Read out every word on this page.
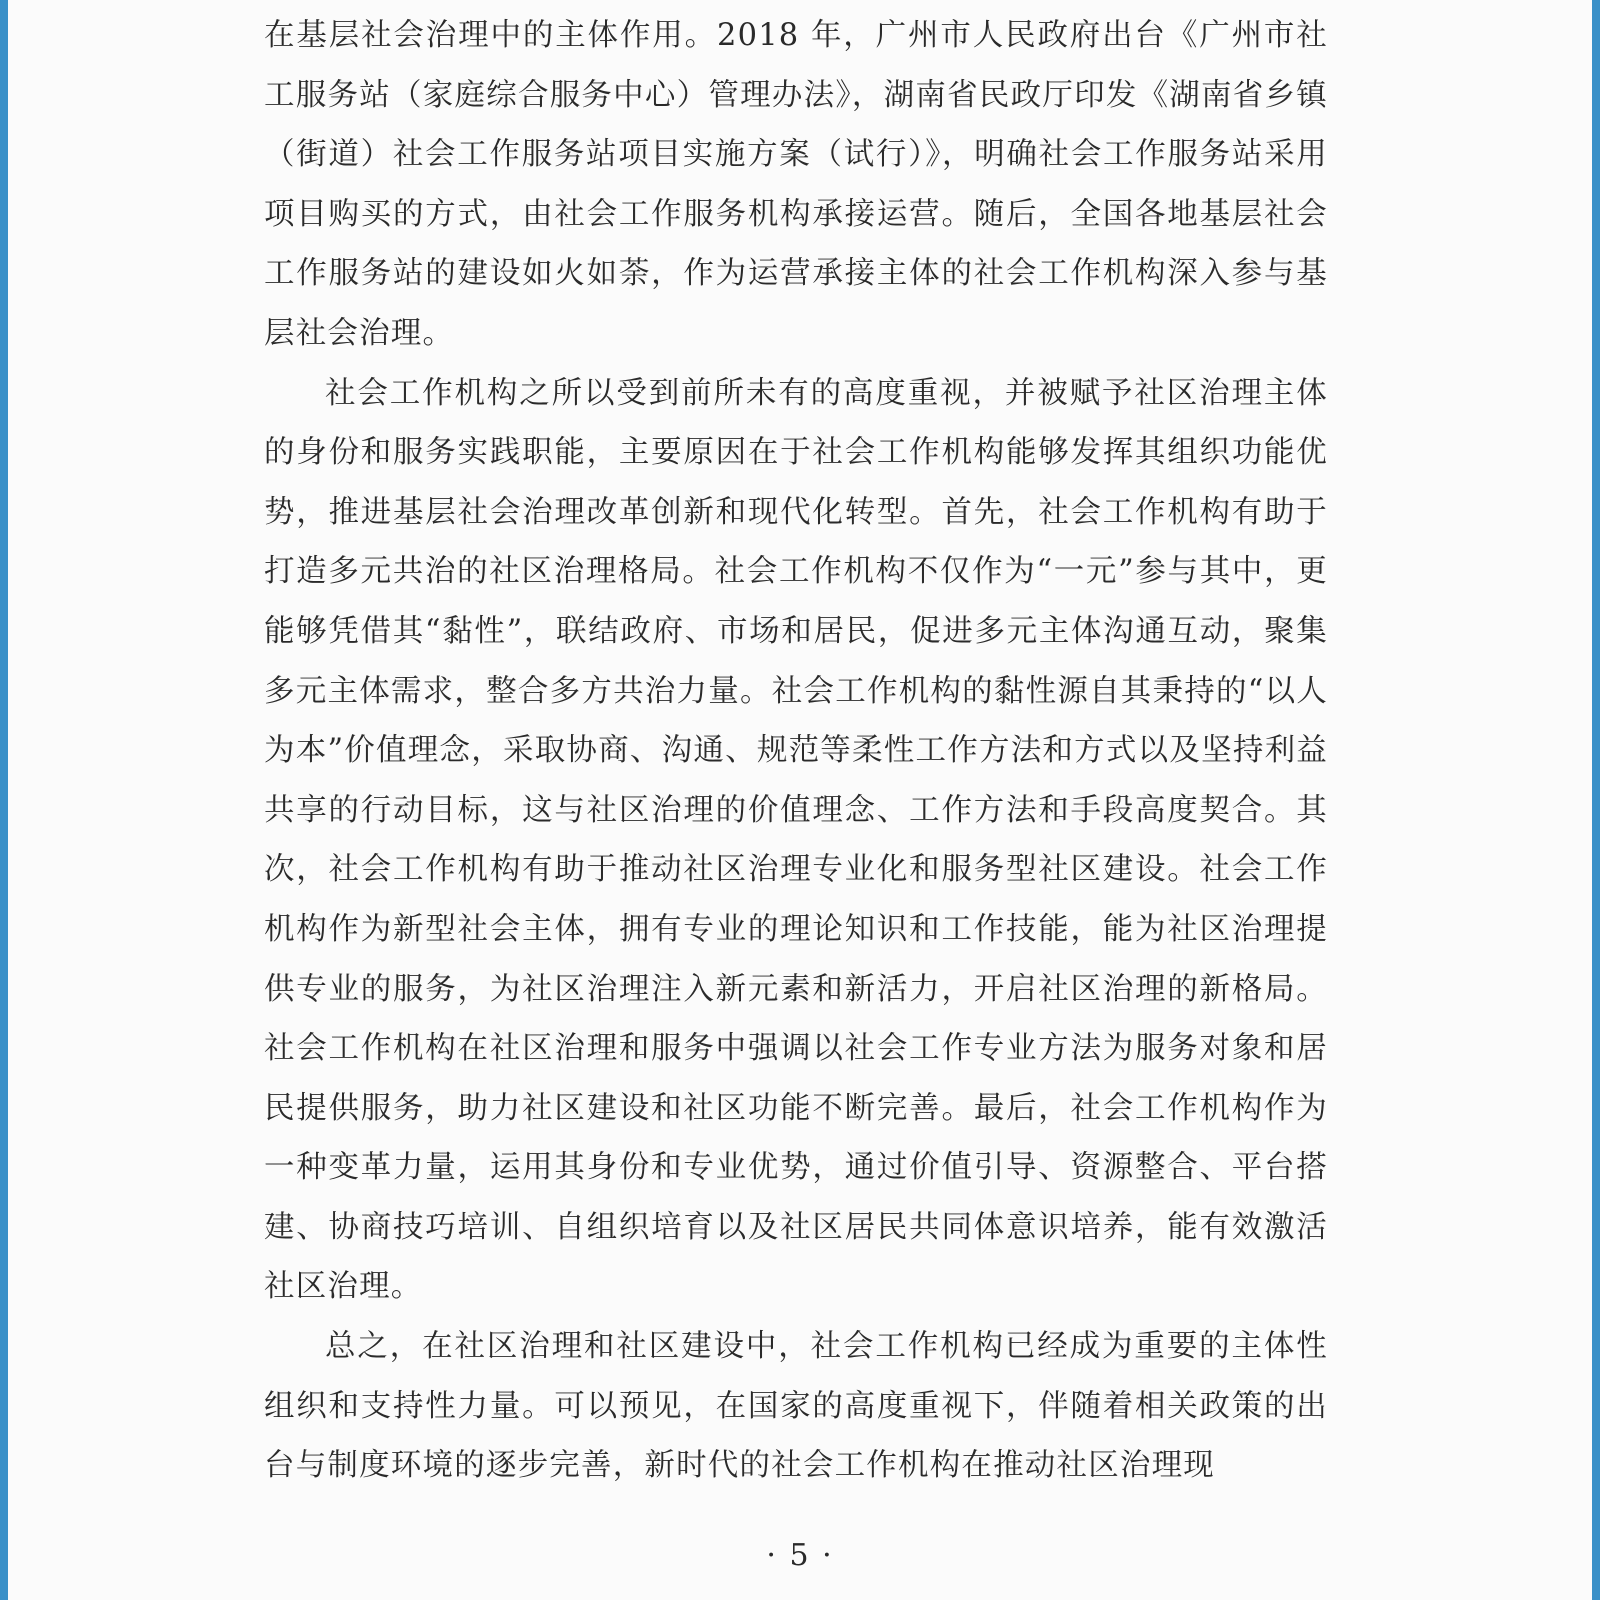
在基层社会治理中的主体作用。2018 年，广州市人民政府出台《广州市社工服务站（家庭综合服务中心）管理办法》，湖南省民政厅印发《湖南省乡镇（街道）社会工作服务站项目实施方案（试行）》，明确社会工作服务站采用项目购买的方式，由社会工作服务机构承接运营。随后，全国各地基层社会工作服务站的建设如火如荼，作为运营承接主体的社会工作机构深入参与基层社会治理。

社会工作机构之所以受到前所未有的高度重视，并被赋予社区治理主体的身份和服务实践职能，主要原因在于社会工作机构能够发挥其组织功能优势，推进基层社会治理改革创新和现代化转型。首先，社会工作机构有助于打造多元共治的社区治理格局。社会工作机构不仅作为“一元”参与其中，更能够凭借其“黏性”，联结政府、市场和居民，促进多元主体沟通互动，聚集多元主体需求，整合多方共治力量。社会工作机构的黏性源自其秉持的“以人为本”价值理念，采取协商、沟通、规范等柔性工作方法和方式以及坚持利益共享的行动目标，这与社区治理的价值理念、工作方法和手段高度契合。其次，社会工作机构有助于推动社区治理专业化和服务型社区建设。社会工作机构作为新型社会主体，拥有专业的理论知识和工作技能，能为社区治理提供专业的服务，为社区治理注入新元素和新活力，开启社区治理的新格局。社会工作机构在社区治理和服务中强调以社会工作专业方法为服务对象和居民提供服务，助力社区建设和社区功能不断完善。最后，社会工作机构作为一种变革力量，运用其身份和专业优势，通过价值引导、资源整合、平台搭建、协商技巧培训、自组织培育以及社区居民共同体意识培养，能有效激活社区治理。

总之，在社区治理和社区建设中，社会工作机构已经成为重要的主体性组织和支持性力量。可以预见，在国家的高度重视下，伴随着相关政策的出台与制度环境的逐步完善，新时代的社会工作机构在推动社区治理现

· 5 ·
